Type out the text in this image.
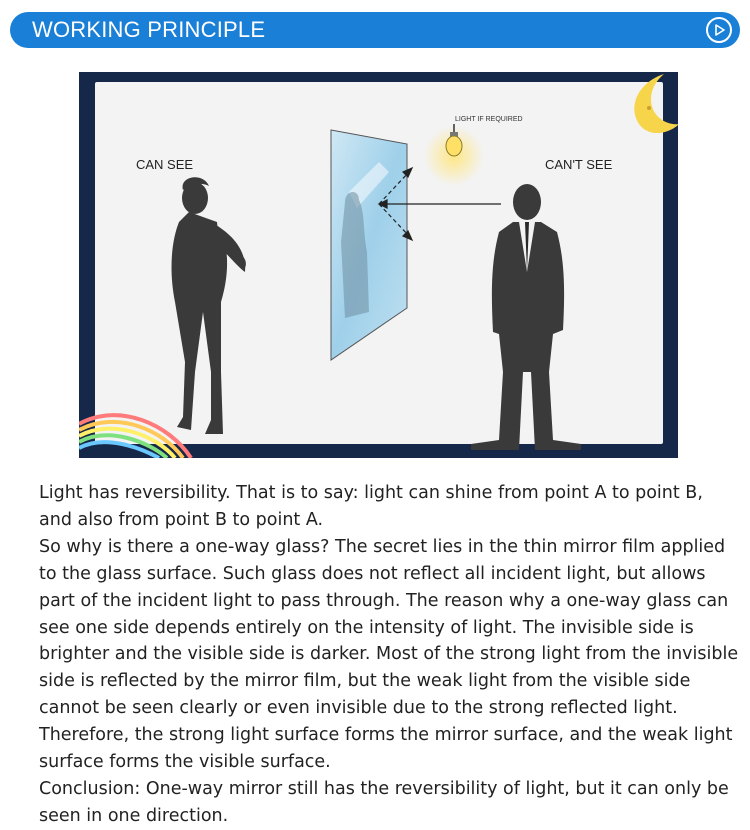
WORKING PRINCIPLE
CAN SEE	CAN'T SEE
LIGHT IF REQUIRED

Light has reversibility. That is to say: light can shine from point A to point B, and also from point B to point A.

So why is there a one-way glass? The secret lies in the thin mirror film applied to the glass surface. Such glass does not reflect all incident light, but allows part of the incident light to pass through. The reason why a one-way glass can see one side depends entirely on the intensity of light. The invisible side is brighter and the visible side is darker. Most of the strong light from the invisible side is reflected by the mirror film, but the weak light from the visible side cannot be seen clearly or even invisible due to the strong reflected light. Therefore, the strong light surface forms the mirror surface, and the weak light surface forms the visible surface.

Conclusion: One-way mirror still has the reversibility of light, but it can only be seen in one direction.
